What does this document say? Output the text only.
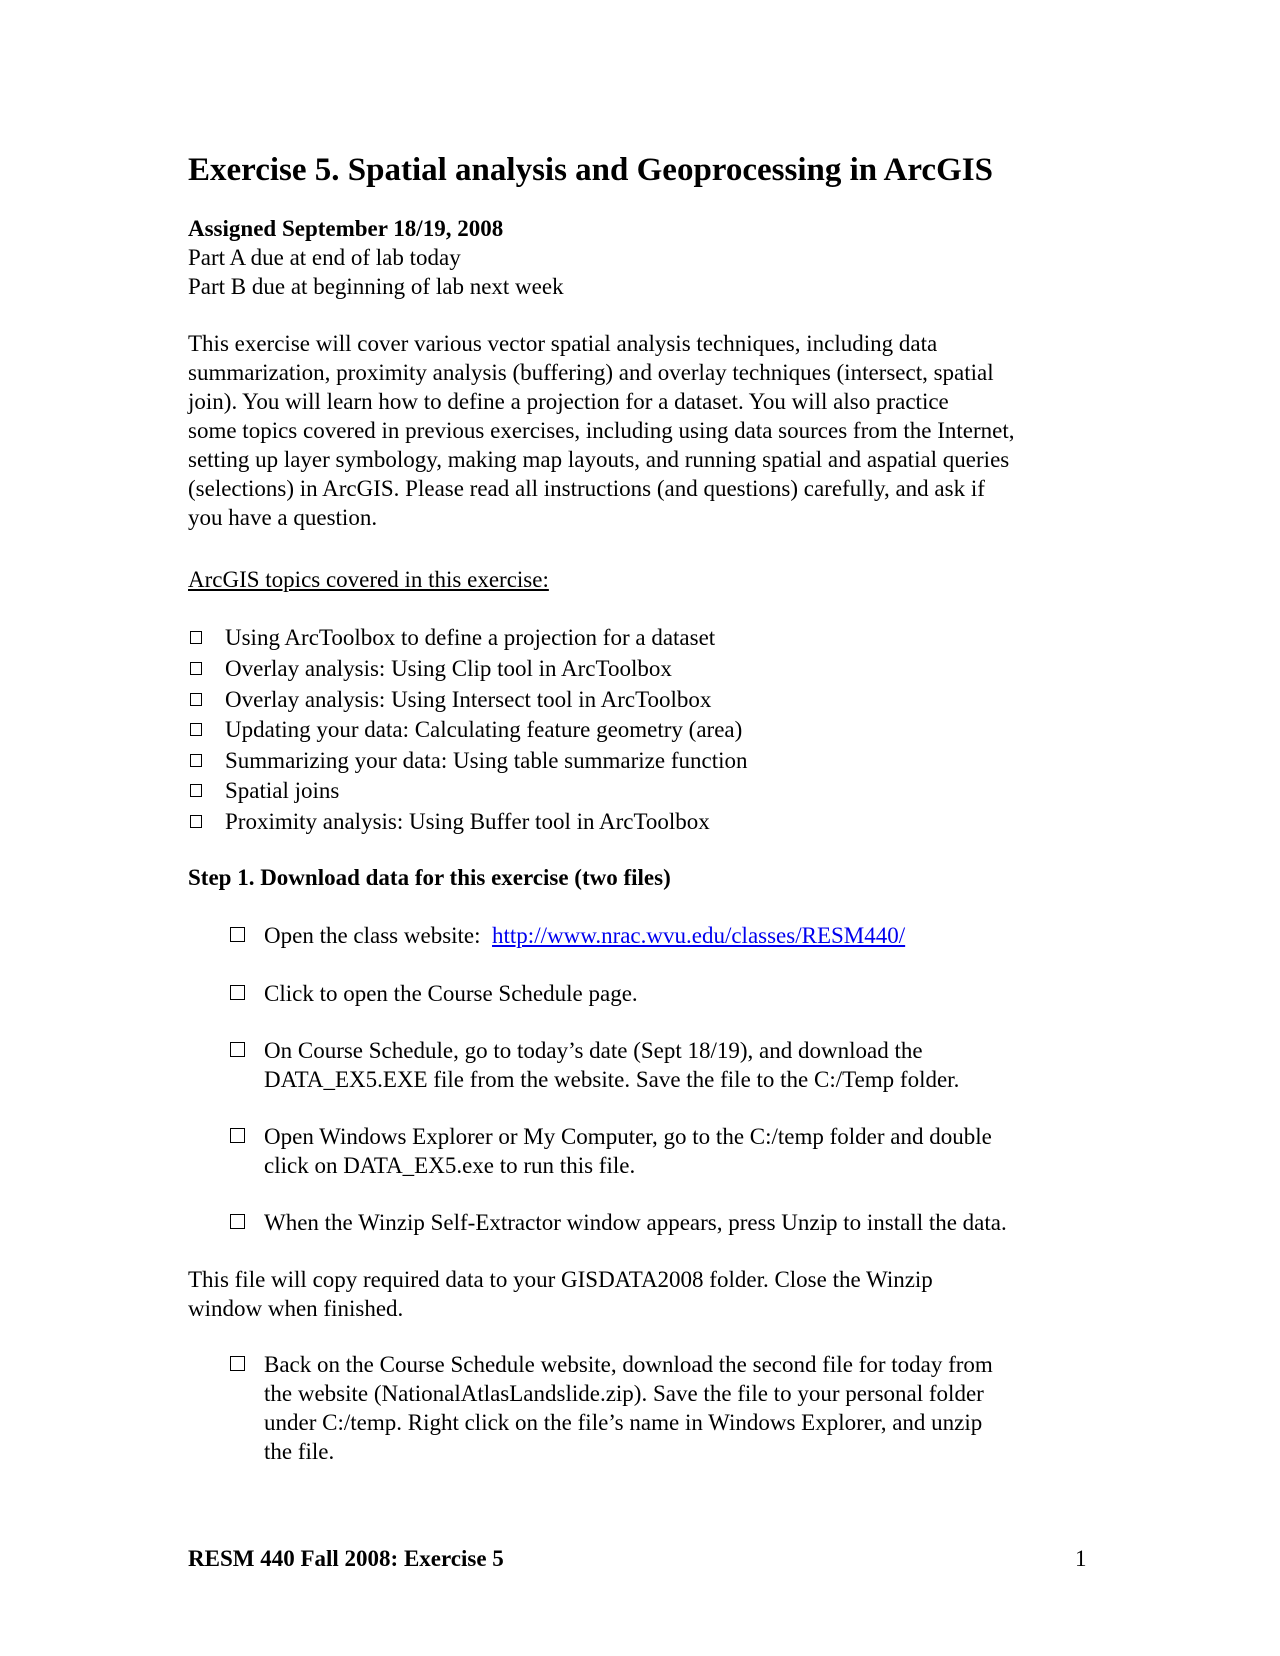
Exercise 5. Spatial analysis and Geoprocessing in ArcGIS
Assigned September 18/19, 2008
Part A due at end of lab today
Part B due at beginning of lab next week
This exercise will cover various vector spatial analysis techniques, including data
summarization, proximity analysis (buffering) and overlay techniques (intersect, spatial
join). You will learn how to define a projection for a dataset. You will also practice
some topics covered in previous exercises, including using data sources from the Internet,
setting up layer symbology, making map layouts, and running spatial and aspatial queries
(selections) in ArcGIS. Please read all instructions (and questions) carefully, and ask if
you have a question.
ArcGIS topics covered in this exercise:
Using ArcToolbox to define a projection for a dataset
Overlay analysis: Using Clip tool in ArcToolbox
Overlay analysis: Using Intersect tool in ArcToolbox
Updating your data: Calculating feature geometry (area)
Summarizing your data: Using table summarize function
Spatial joins
Proximity analysis: Using Buffer tool in ArcToolbox
Step 1. Download data for this exercise (two files)
Open the class website:  http://www.nrac.wvu.edu/classes/RESM440/
Click to open the Course Schedule page.
On Course Schedule, go to today’s date (Sept 18/19), and download the
DATA_EX5.EXE file from the website. Save the file to the C:/Temp folder.
Open Windows Explorer or My Computer, go to the C:/temp folder and double
click on DATA_EX5.exe to run this file.
When the Winzip Self-Extractor window appears, press Unzip to install the data.
This file will copy required data to your GISDATA2008 folder. Close the Winzip
window when finished.
Back on the Course Schedule website, download the second file for today from
the website (NationalAtlasLandslide.zip). Save the file to your personal folder
under C:/temp. Right click on the file’s name in Windows Explorer, and unzip
the file.
RESM 440 Fall 2008: Exercise 5	1
